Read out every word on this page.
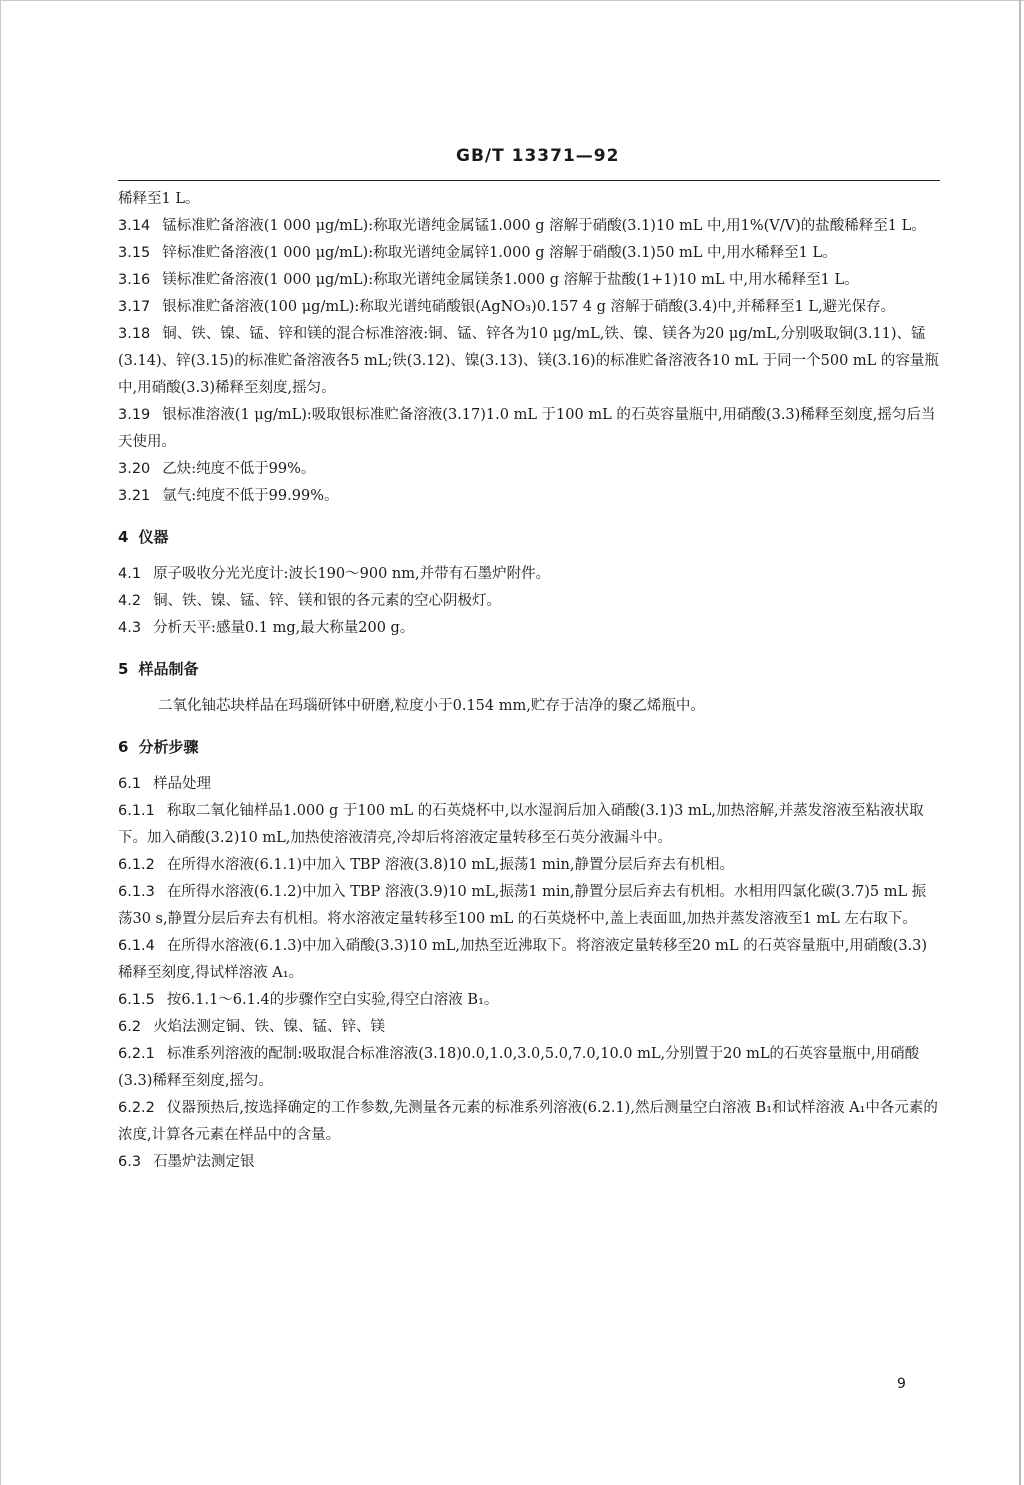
GB/T 13371—92

稀释至1 L。

3.14 锰标准贮备溶液(1 000 μg/mL):称取光谱纯金属锰1.000 g 溶解于硝酸(3.1)10 mL 中,用1%(V/V)的盐酸稀释至1 L。

3.15 锌标准贮备溶液(1 000 μg/mL):称取光谱纯金属锌1.000 g 溶解于硝酸(3.1)50 mL 中,用水稀释至1 L。

3.16 镁标准贮备溶液(1 000 μg/mL):称取光谱纯金属镁条1.000 g 溶解于盐酸(1+1)10 mL 中,用水稀释至1 L。

3.17 银标准贮备溶液(100 μg/mL):称取光谱纯硝酸银(AgNO₃)0.157 4 g 溶解于硝酸(3.4)中,并稀释至1 L,避光保存。

3.18 铜、铁、镍、锰、锌和镁的混合标准溶液:铜、锰、锌各为10 μg/mL,铁、镍、镁各为20 μg/mL,分别吸取铜(3.11)、锰(3.14)、锌(3.15)的标准贮备溶液各5 mL;铁(3.12)、镍(3.13)、镁(3.16)的标准贮备溶液各10 mL 于同一个500 mL 的容量瓶中,用硝酸(3.3)稀释至刻度,摇匀。

3.19 银标准溶液(1 μg/mL):吸取银标准贮备溶液(3.17)1.0 mL 于100 mL 的石英容量瓶中,用硝酸(3.3)稀释至刻度,摇匀后当天使用。

3.20 乙炔:纯度不低于99%。

3.21 氩气:纯度不低于99.99%。

4 仪器

4.1 原子吸收分光光度计:波长190～900 nm,并带有石墨炉附件。

4.2 铜、铁、镍、锰、锌、镁和银的各元素的空心阴极灯。

4.3 分析天平:感量0.1 mg,最大称量200 g。

5 样品制备

二氧化铀芯块样品在玛瑙研钵中研磨,粒度小于0.154 mm,贮存于洁净的聚乙烯瓶中。

6 分析步骤

6.1 样品处理

6.1.1 称取二氧化铀样品1.000 g 于100 mL 的石英烧杯中,以水湿润后加入硝酸(3.1)3 mL,加热溶解,并蒸发溶液至粘液状取下。加入硝酸(3.2)10 mL,加热使溶液清亮,冷却后将溶液定量转移至石英分液漏斗中。

6.1.2 在所得水溶液(6.1.1)中加入 TBP 溶液(3.8)10 mL,振荡1 min,静置分层后弃去有机相。

6.1.3 在所得水溶液(6.1.2)中加入 TBP 溶液(3.9)10 mL,振荡1 min,静置分层后弃去有机相。水相用四氯化碳(3.7)5 mL 振荡30 s,静置分层后弃去有机相。将水溶液定量转移至100 mL 的石英烧杯中,盖上表面皿,加热并蒸发溶液至1 mL 左右取下。

6.1.4 在所得水溶液(6.1.3)中加入硝酸(3.3)10 mL,加热至近沸取下。将溶液定量转移至20 mL 的石英容量瓶中,用硝酸(3.3)稀释至刻度,得试样溶液 A₁。

6.1.5 按6.1.1～6.1.4的步骤作空白实验,得空白溶液 B₁。

6.2 火焰法测定铜、铁、镍、锰、锌、镁

6.2.1 标准系列溶液的配制:吸取混合标准溶液(3.18)0.0,1.0,3.0,5.0,7.0,10.0 mL,分别置于20 mL的石英容量瓶中,用硝酸(3.3)稀释至刻度,摇匀。

6.2.2 仪器预热后,按选择确定的工作参数,先测量各元素的标准系列溶液(6.2.1),然后测量空白溶液 B₁和试样溶液 A₁中各元素的浓度,计算各元素在样品中的含量。

6.3 石墨炉法测定银

9
